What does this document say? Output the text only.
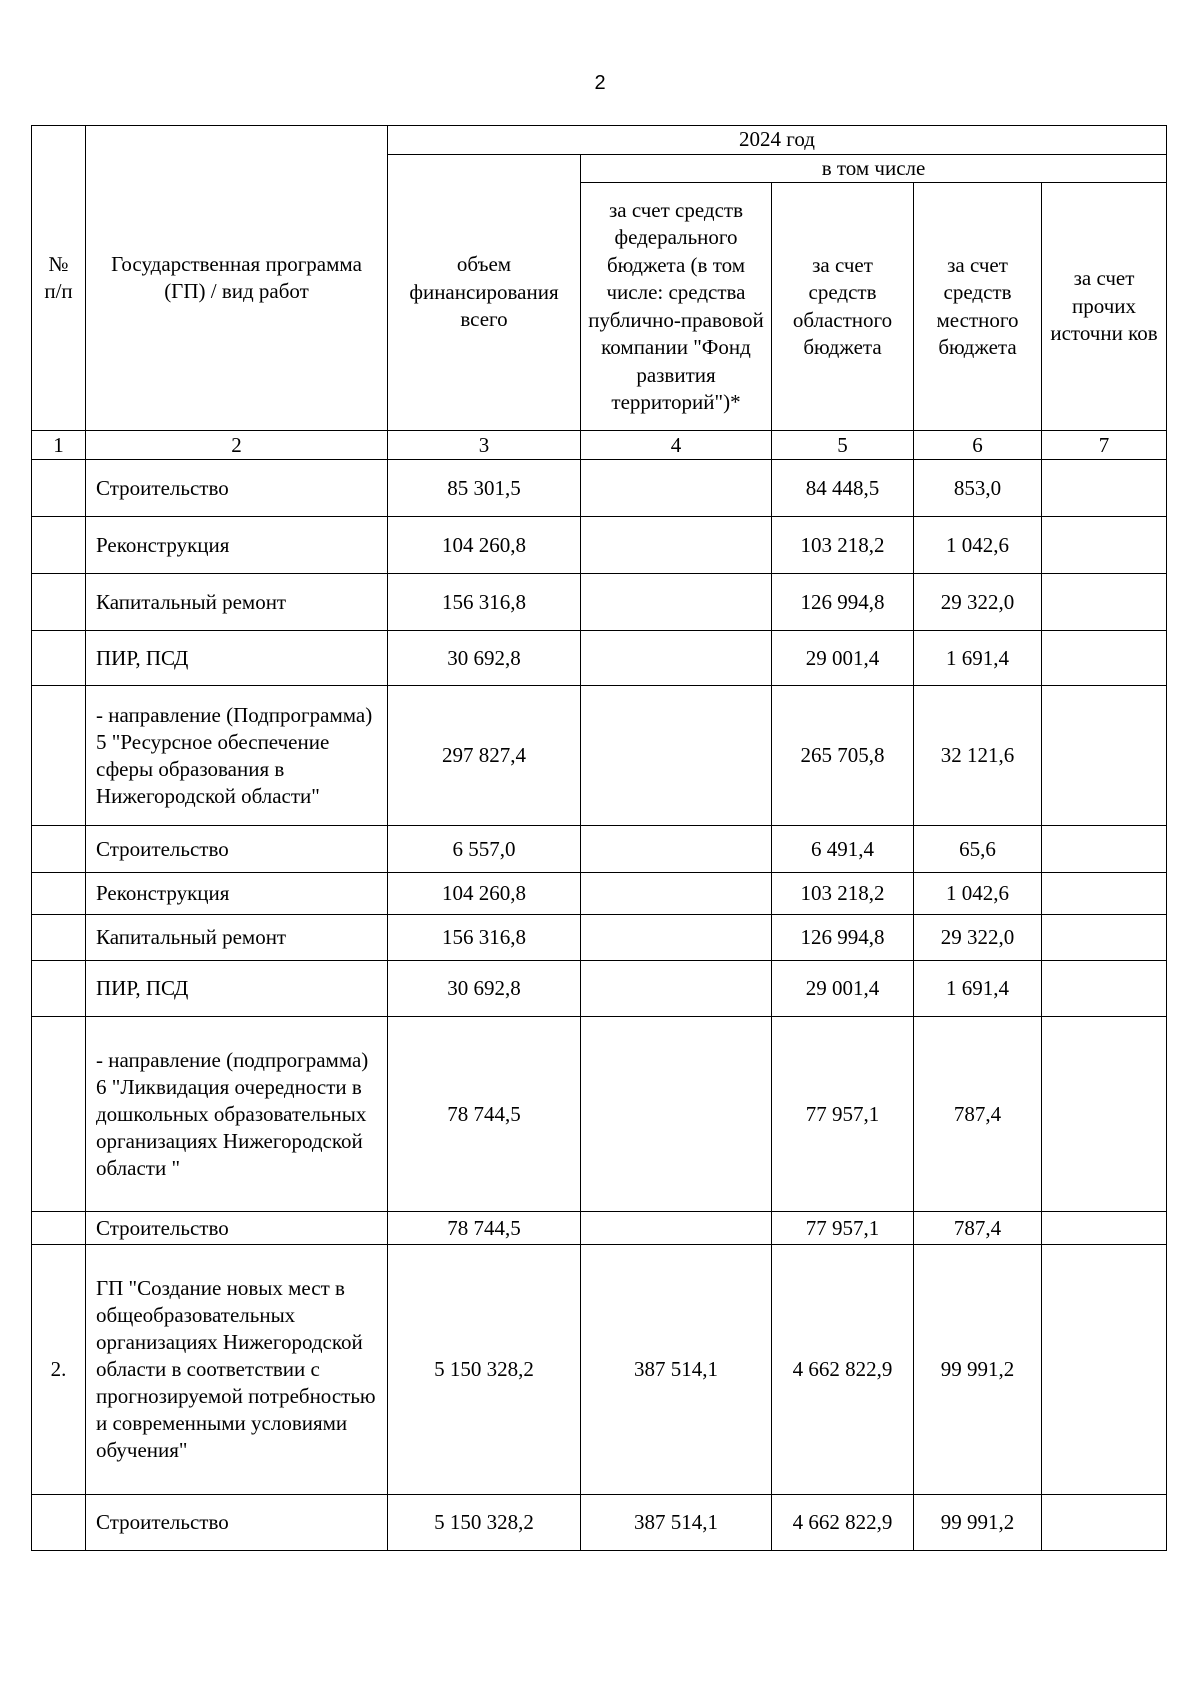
2
№ п/п	Государственная программа (ГП) / вид работ	2024 год				
		объем финансирования всего	в том числе			
			за счет средств федерального бюджета (в том числе: средства публично-правовой компании "Фонд развития территорий")*	за счет средств областного бюджета	за счет средств местного бюджета	за счет прочих источни ков
1	2	3	4	5	6	7
	Строительство	85 301,5		84 448,5	853,0	
	Реконструкция	104 260,8		103 218,2	1 042,6	
	Капитальный ремонт	156 316,8		126 994,8	29 322,0	
	ПИР, ПСД	30 692,8		29 001,4	1 691,4	
	- направление (Подпрограмма) 5 "Ресурсное обеспечение сферы образования в Нижегородской области"	297 827,4		265 705,8	32 121,6	
	Строительство	6 557,0		6 491,4	65,6	
	Реконструкция	104 260,8		103 218,2	1 042,6	
	Капитальный ремонт	156 316,8		126 994,8	29 322,0	
	ПИР, ПСД	30 692,8		29 001,4	1 691,4	
	- направление (подпрограмма) 6 "Ликвидация очередности в дошкольных образовательных организациях Нижегородской области "	78 744,5		77 957,1	787,4	
	Строительство	78 744,5		77 957,1	787,4	
2.	ГП "Создание новых мест в общеобразовательных организациях Нижегородской области в соответствии с прогнозируемой потребностью и современными условиями обучения"	5 150 328,2	387 514,1	4 662 822,9	99 991,2	
	Строительство	5 150 328,2	387 514,1	4 662 822,9	99 991,2	
